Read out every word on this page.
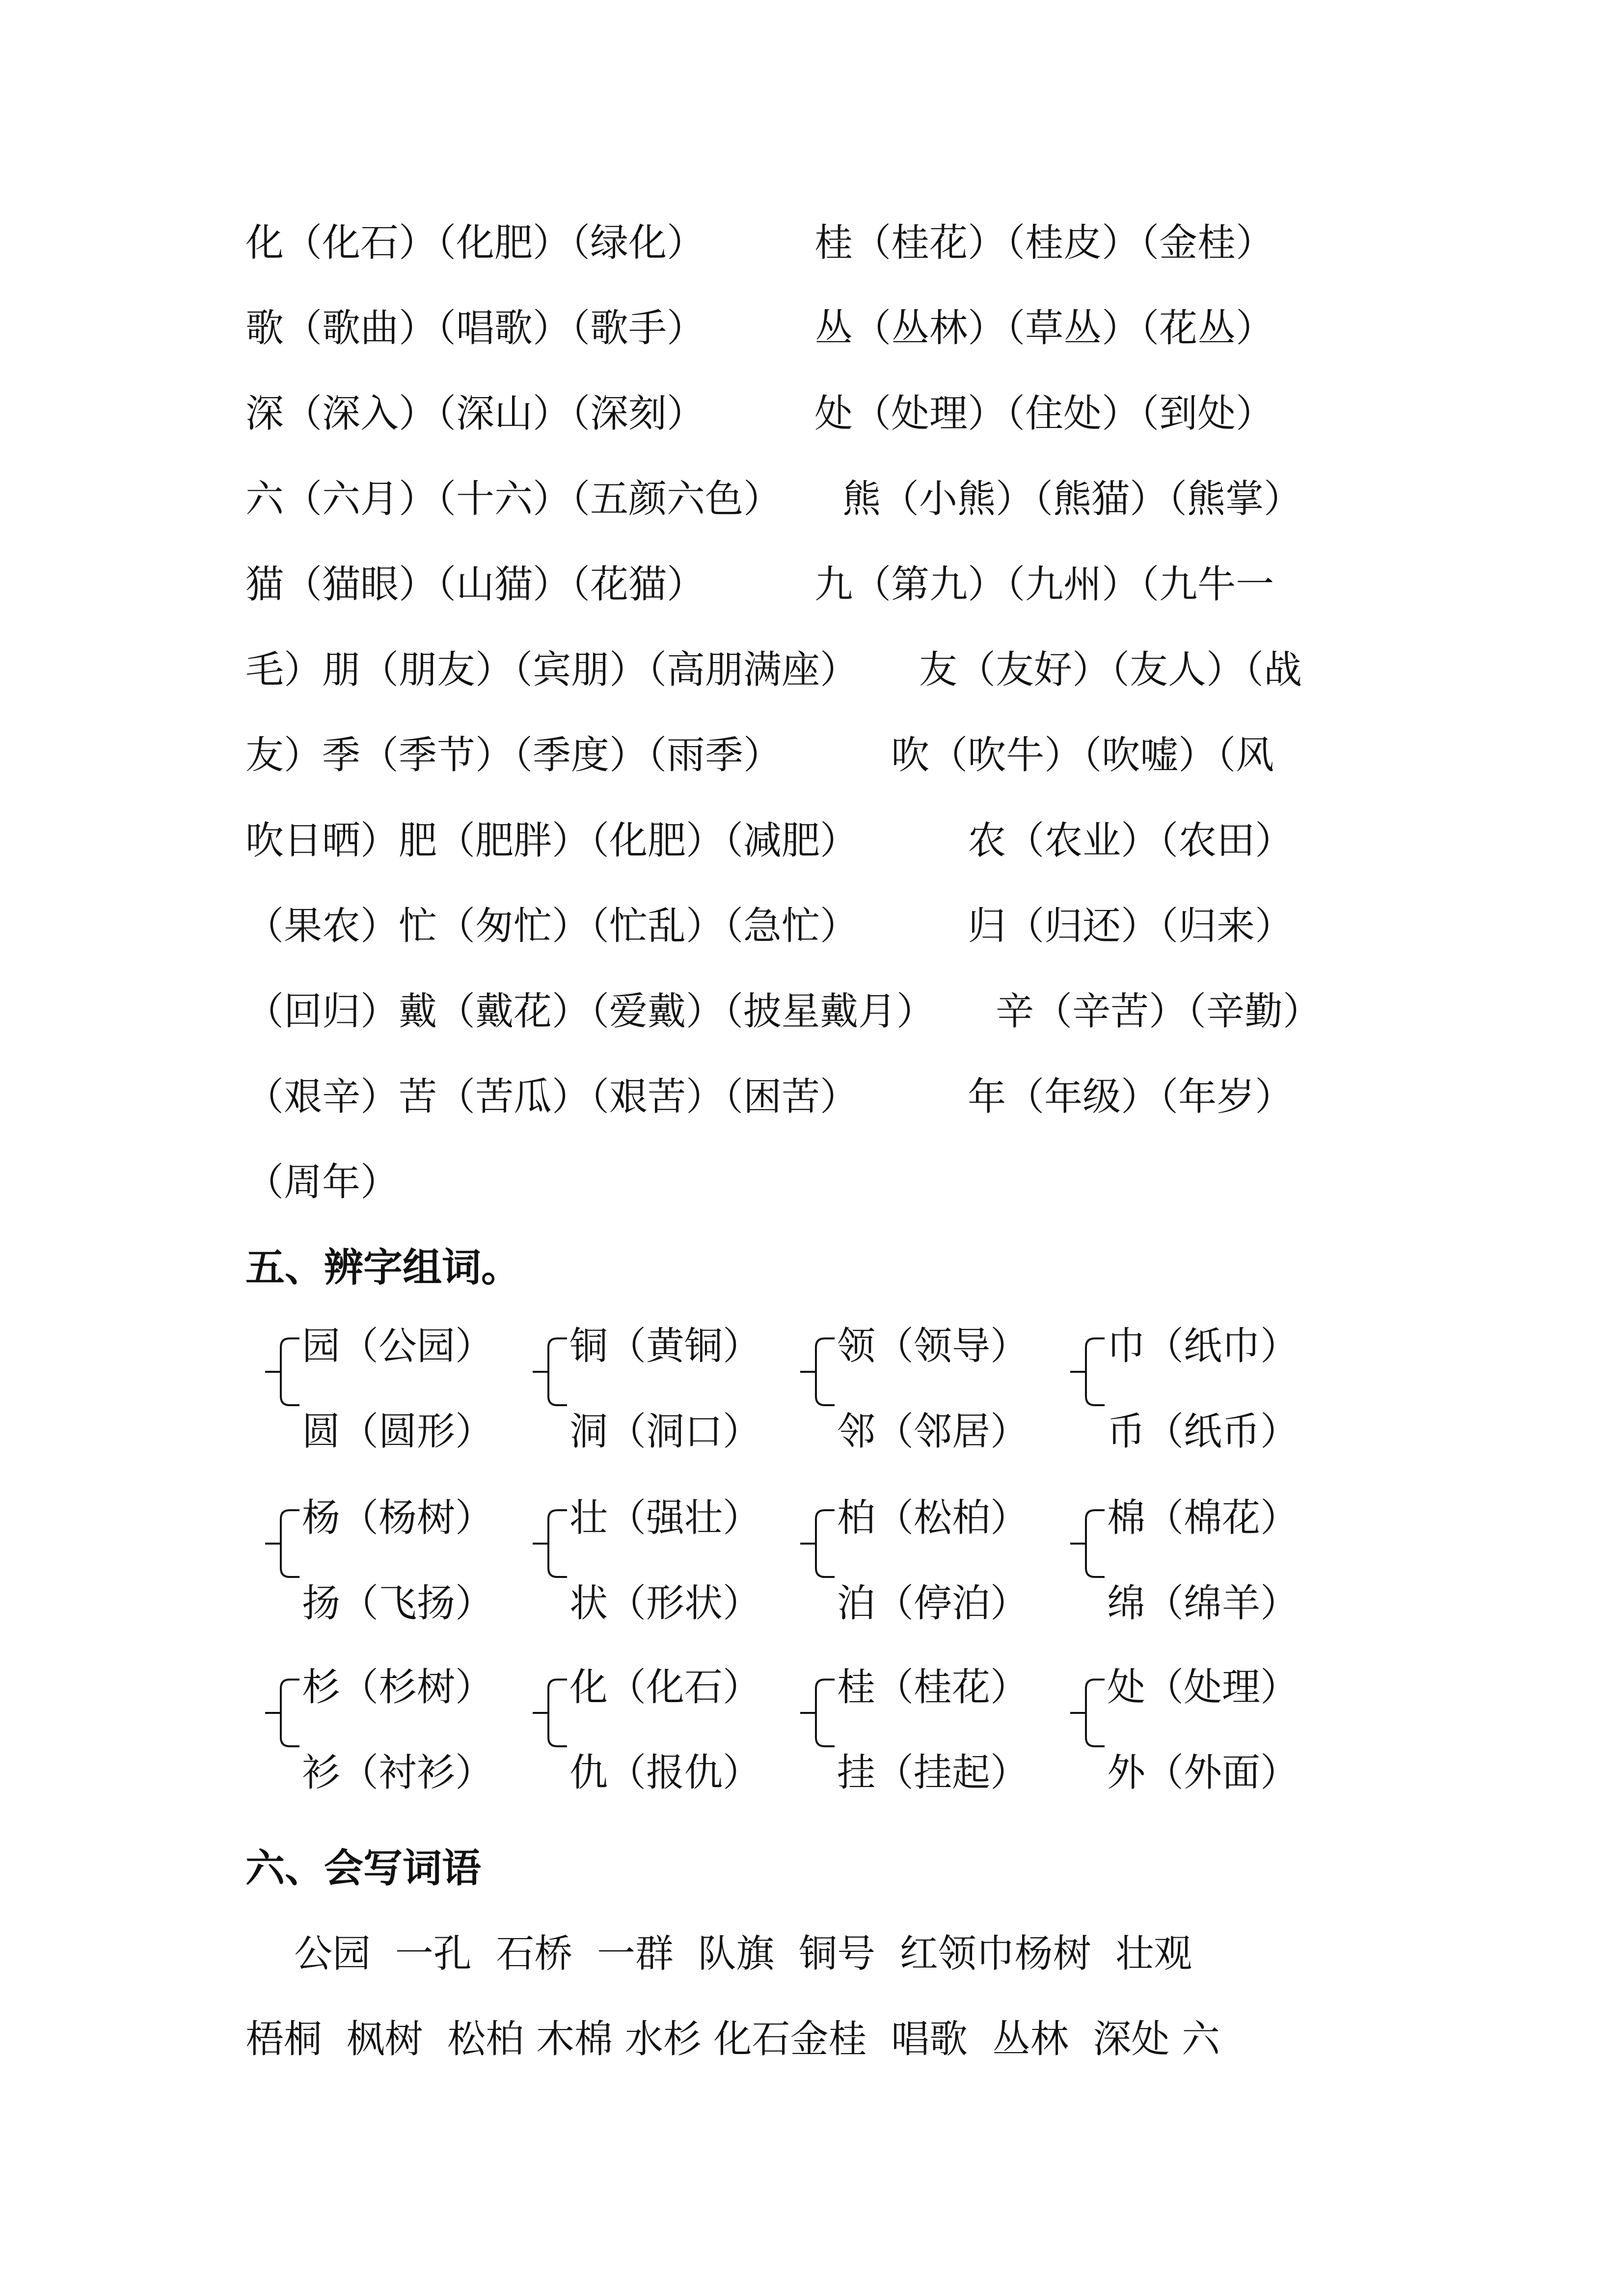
化（化石）（化肥）（绿化）         桂（桂花）（桂皮）（金桂）

歌（歌曲）（唱歌）（歌手）         丛（丛林）（草丛）（花丛）

深（深入）（深山）（深刻）         处（处理）（住处）（到处）

六（六月）（十六）（五颜六色）     熊（小熊）（熊猫）（熊掌）

猫（猫眼）（山猫）（花猫）         九（第九）（九州）（九牛一

毛）朋（朋友）（宾朋）（高朋满座）     友（友好）（友人）（战

友）季（季节）（季度）（雨季）         吹（吹牛）（吹嘘）（风

吹日晒）肥（肥胖）（化肥）（减肥）         农（农业）（农田）

（果农）忙（匆忙）（忙乱）（急忙）         归（归还）（归来）

（回归）戴（戴花）（爱戴）（披星戴月）     辛（辛苦）（辛勤）

（艰辛）苦（苦瓜）（艰苦）（困苦）         年（年级）（年岁）

（周年）

五、辨字组词。
园（公园）
圆（圆形）
铜（黄铜）
洞（洞口）
领（领导）
邻（邻居）
巾（纸巾）
币（纸币）
杨（杨树）
扬（飞扬）
壮（强壮）
状（形状）
柏（松柏）
泊（停泊）
棉（棉花）
绵（绵羊）
杉（杉树）
衫（衬衫）
化（化石）
仇（报仇）
桂（桂花）
挂（挂起）
处（处理）
外（外面）
六、会写词语

公园  一孔  石桥  一群  队旗  铜号  红领巾杨树  壮观

梧桐  枫树  松柏 木棉 水杉 化石金桂  唱歌  丛林  深处 六
